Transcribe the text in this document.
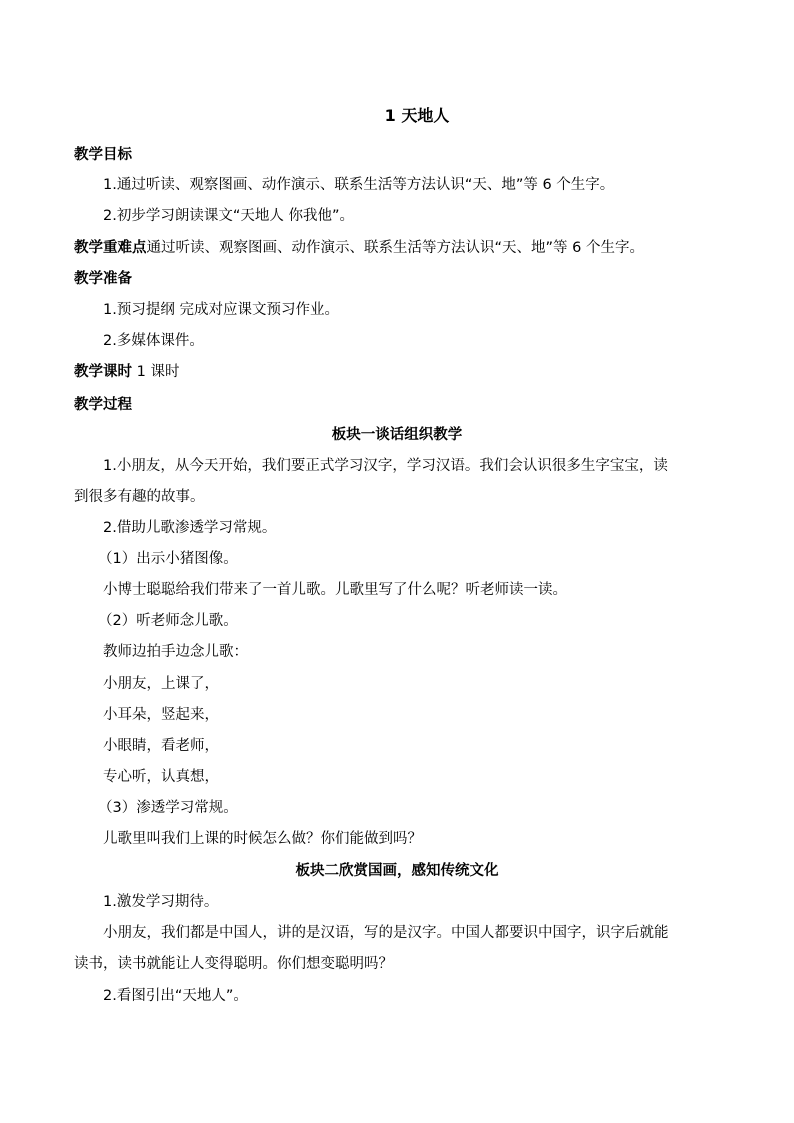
1 天地人
教学目标
1.通过听读、观察图画、动作演示、联系生活等方法认识“天、地”等 6 个生字。
2.初步学习朗读课文“天地人 你我他”。
教学重难点通过听读、观察图画、动作演示、联系生活等方法认识“天、地”等 6 个生字。
教学准备
1.预习提纲 完成对应课文预习作业。
2.多媒体课件。
教学课时 1 课时
教学过程
板块一谈话组织教学
1.小朋友，从今天开始，我们要正式学习汉字，学习汉语。我们会认识很多生字宝宝，读
到很多有趣的故事。
2.借助儿歌渗透学习常规。
（1）出示小猪图像。
小博士聪聪给我们带来了一首儿歌。儿歌里写了什么呢？听老师读一读。
（2）听老师念儿歌。
教师边拍手边念儿歌：
小朋友，上课了，
小耳朵，竖起来，
小眼睛，看老师，
专心听，认真想，
（3）渗透学习常规。
儿歌里叫我们上课的时候怎么做？你们能做到吗？
板块二欣赏国画，感知传统文化
1.激发学习期待。
小朋友，我们都是中国人，讲的是汉语，写的是汉字。中国人都要识中国字，识字后就能
读书，读书就能让人变得聪明。你们想变聪明吗？
2.看图引出“天地人”。
